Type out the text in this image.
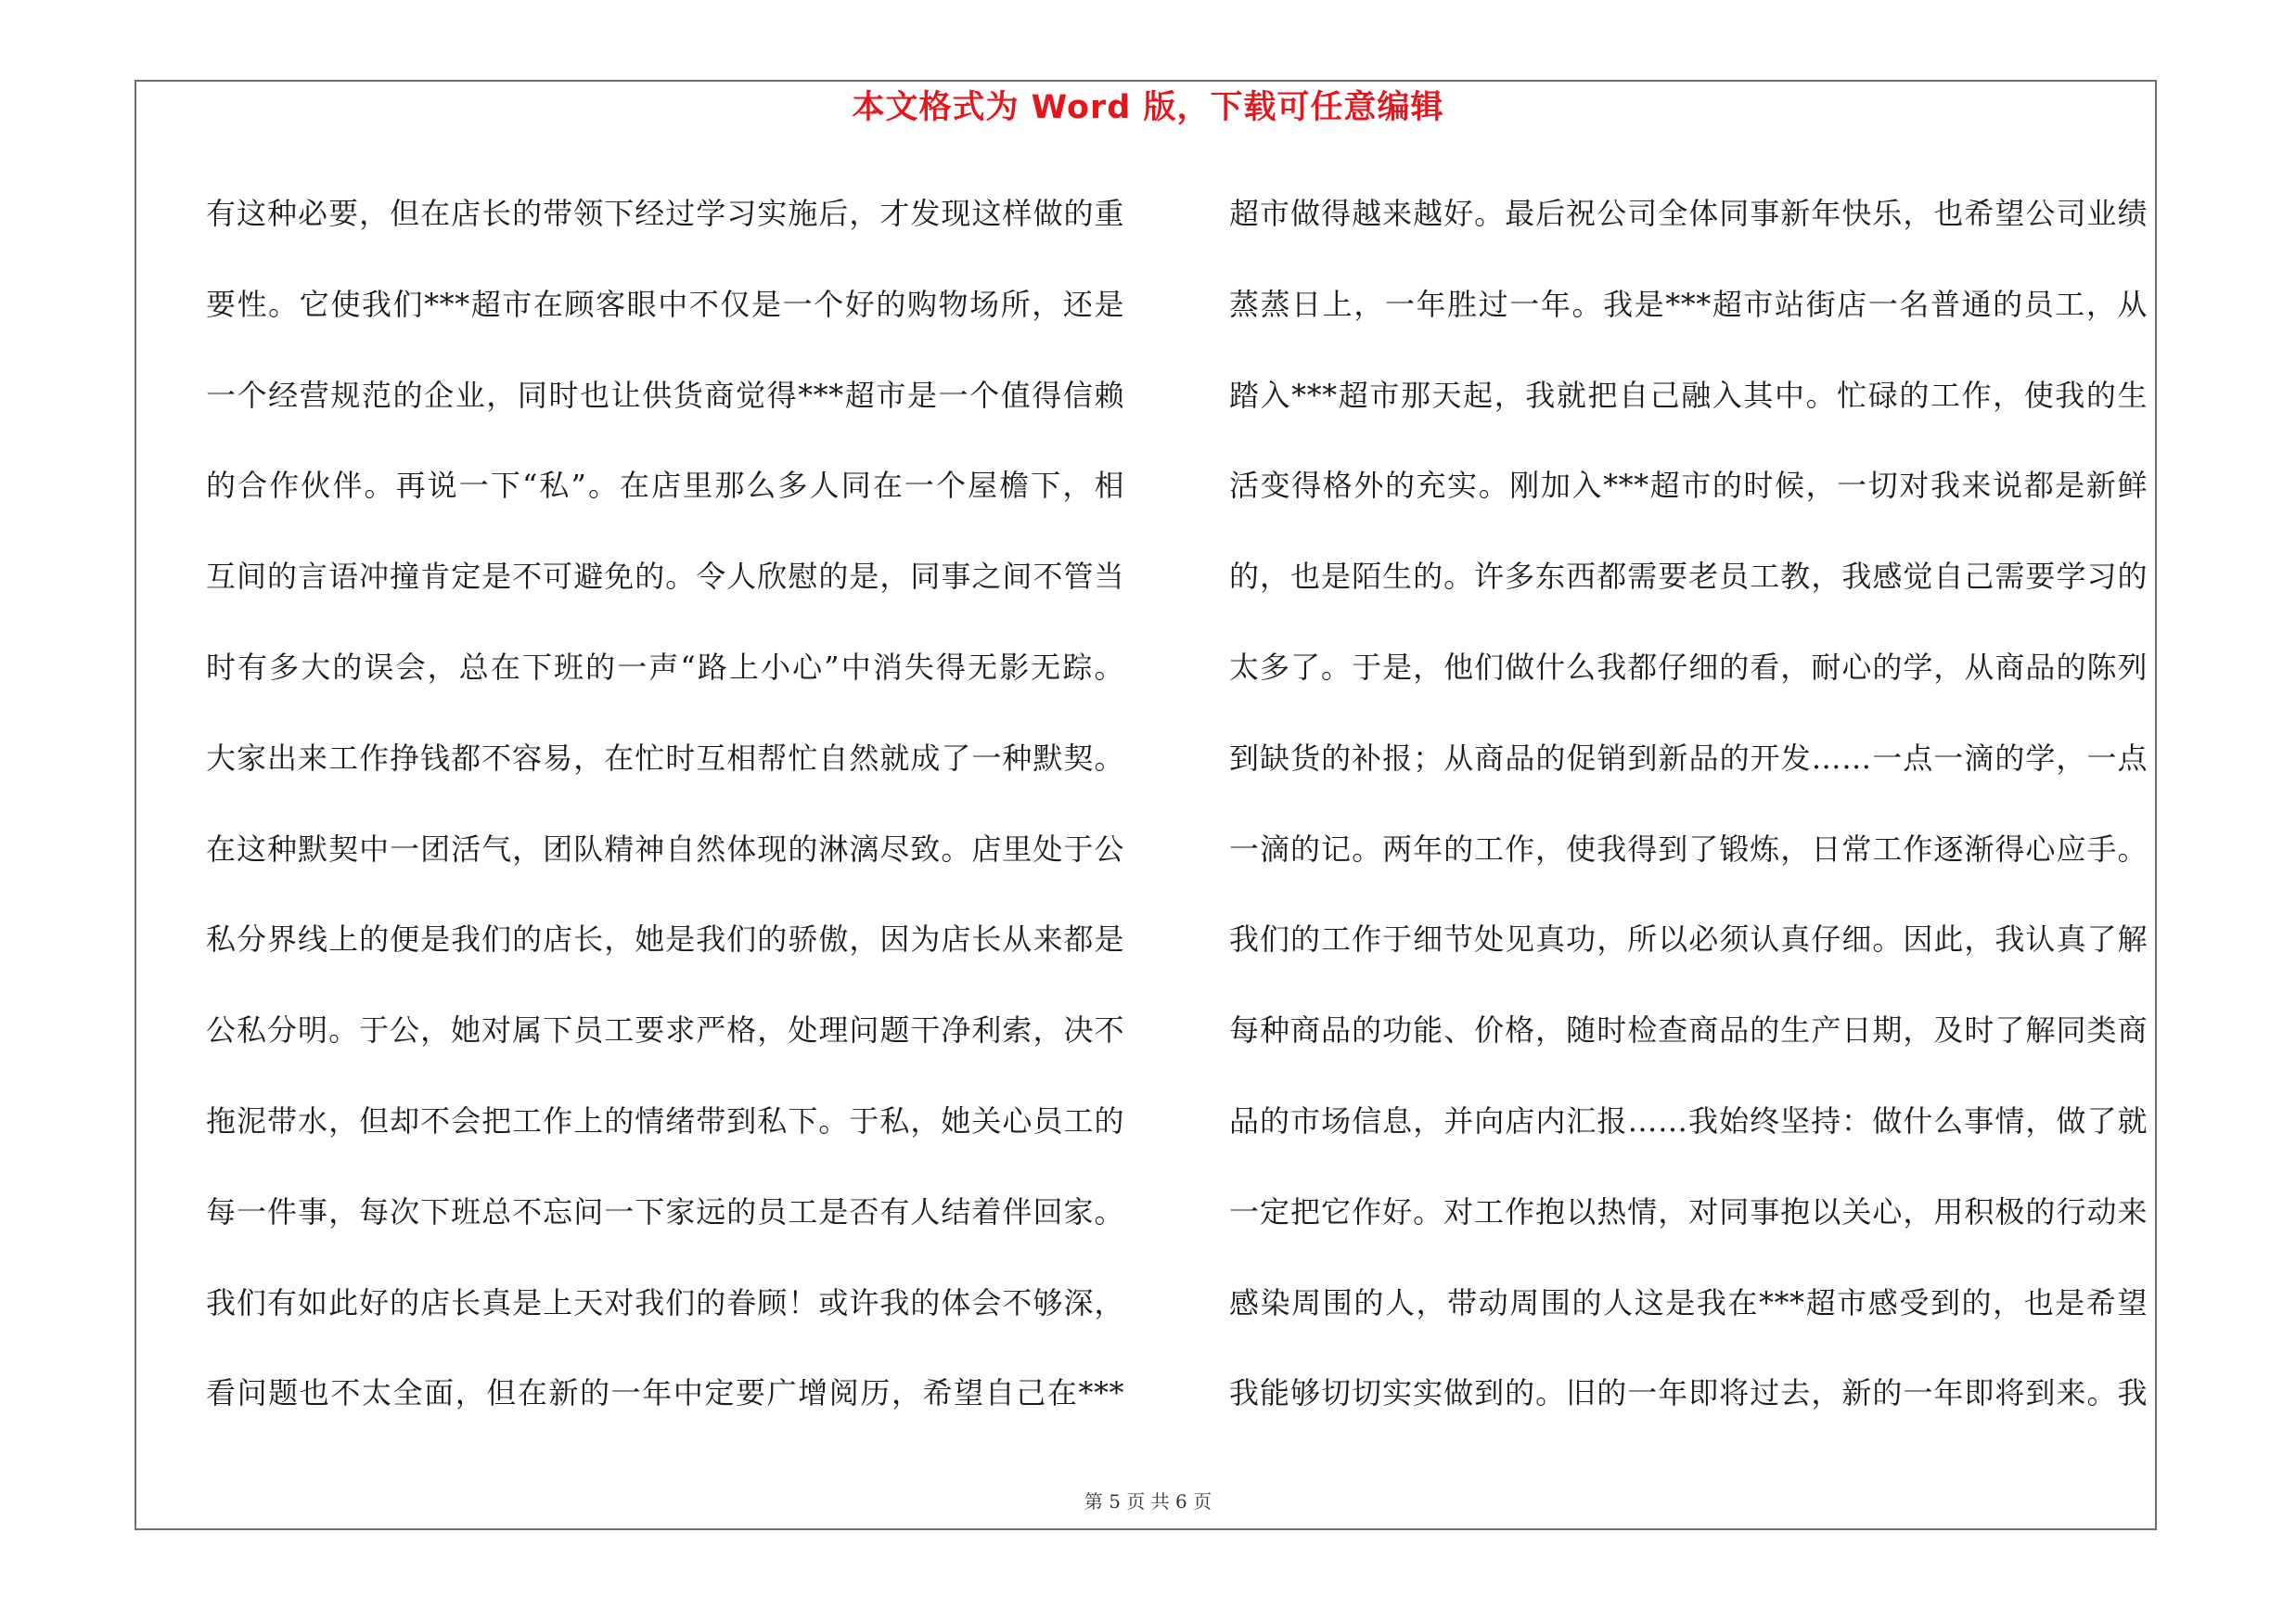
本文格式为 Word 版，下载可任意编辑
有这种必要，但在店长的带领下经过学习实施后，才发现这样做的重
要性。它使我们***超市在顾客眼中不仅是一个好的购物场所，还是
一个经营规范的企业，同时也让供货商觉得***超市是一个值得信赖
的合作伙伴。再说一下“私”。在店里那么多人同在一个屋檐下，相
互间的言语冲撞肯定是不可避免的。令人欣慰的是，同事之间不管当
时有多大的误会，总在下班的一声“路上小心”中消失得无影无踪。
大家出来工作挣钱都不容易，在忙时互相帮忙自然就成了一种默契。
在这种默契中一团活气，团队精神自然体现的淋漓尽致。店里处于公
私分界线上的便是我们的店长，她是我们的骄傲，因为店长从来都是
公私分明。于公，她对属下员工要求严格，处理问题干净利索，决不
拖泥带水，但却不会把工作上的情绪带到私下。于私，她关心员工的
每一件事，每次下班总不忘问一下家远的员工是否有人结着伴回家。
我们有如此好的店长真是上天对我们的眷顾！或许我的体会不够深，
看问题也不太全面，但在新的一年中定要广增阅历，希望自己在***
超市做得越来越好。最后祝公司全体同事新年快乐，也希望公司业绩
蒸蒸日上，一年胜过一年。我是***超市站街店一名普通的员工，从
踏入***超市那天起，我就把自己融入其中。忙碌的工作，使我的生
活变得格外的充实。刚加入***超市的时候，一切对我来说都是新鲜
的，也是陌生的。许多东西都需要老员工教，我感觉自己需要学习的
太多了。于是，他们做什么我都仔细的看，耐心的学，从商品的陈列
到缺货的补报；从商品的促销到新品的开发……一点一滴的学，一点
一滴的记。两年的工作，使我得到了锻炼，日常工作逐渐得心应手。
我们的工作于细节处见真功，所以必须认真仔细。因此，我认真了解
每种商品的功能、价格，随时检查商品的生产日期，及时了解同类商
品的市场信息，并向店内汇报……我始终坚持：做什么事情，做了就
一定把它作好。对工作抱以热情，对同事抱以关心，用积极的行动来
感染周围的人，带动周围的人这是我在***超市感受到的，也是希望
我能够切切实实做到的。旧的一年即将过去，新的一年即将到来。我
第 5 页 共 6 页
